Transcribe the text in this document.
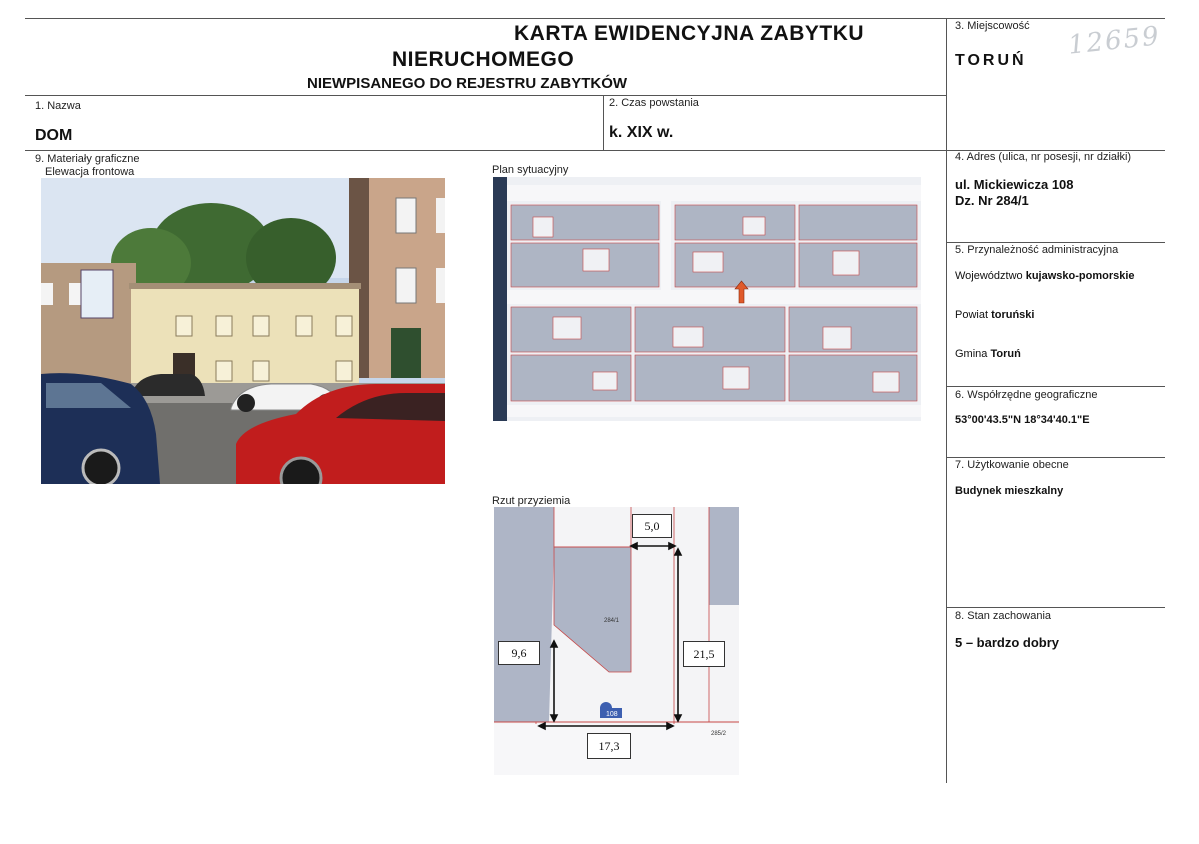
KARTA EWIDENCYJNA ZABYTKU
NIERUCHOMEGO
NIEWPISANEGO DO REJESTRU ZABYTKÓW
3. Miejscowość
TORUŃ 12659
1. Nazwa
DOM
2. Czas powstania
k. XIX w.
9. Materiały graficzne
Elewacja frontowa	Plan sytuacyjny
Rzut przyziemia
284/1
285/2
108
5,0
9,6	21,5
17,3
4. Adres (ulica, nr posesji, nr działki)
ul. Mickiewicza 108
Dz. Nr 284/1
5. Przynależność administracyjna
Województwo kujawsko-pomorskie
Powiat toruński
Gmina Toruń
6. Współrzędne geograficzne
53°00'43.5"N 18°34'40.1"E
7. Użytkowanie obecne
Budynek mieszkalny
8. Stan zachowania
5 – bardzo dobry
